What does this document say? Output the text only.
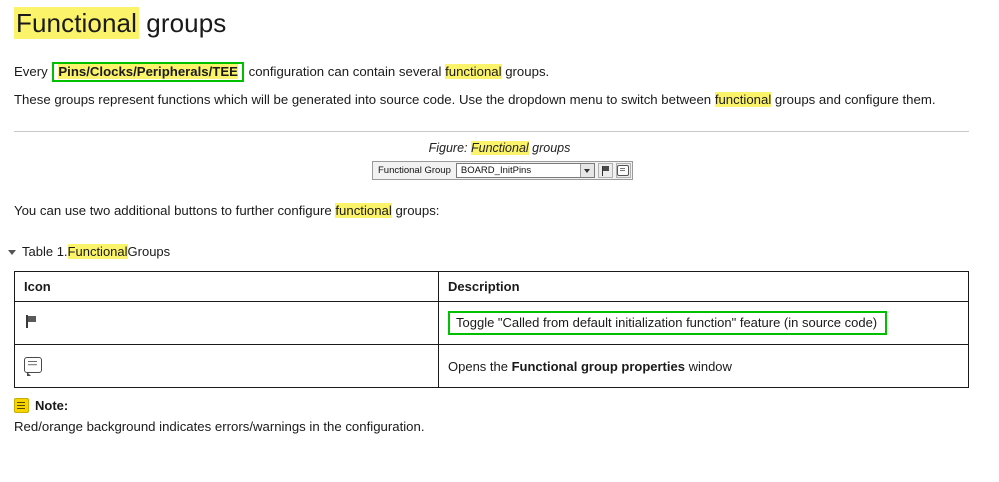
Functional groups

Every Pins/Clocks/Peripherals/TEE configuration can contain several functional groups.

These groups represent functions which will be generated into source code. Use the dropdown menu to switch between functional groups and configure them.

Figure: Functional groups
Functional Group	BOARD_InitPins

You can use two additional buttons to further configure functional groups:

Table 1. Functional Groups
Icon	Description
	Toggle "Called from default initialization function" feature (in source code)
	Opens the Functional group properties window
Note:
Red/orange background indicates errors/warnings in the configuration.
